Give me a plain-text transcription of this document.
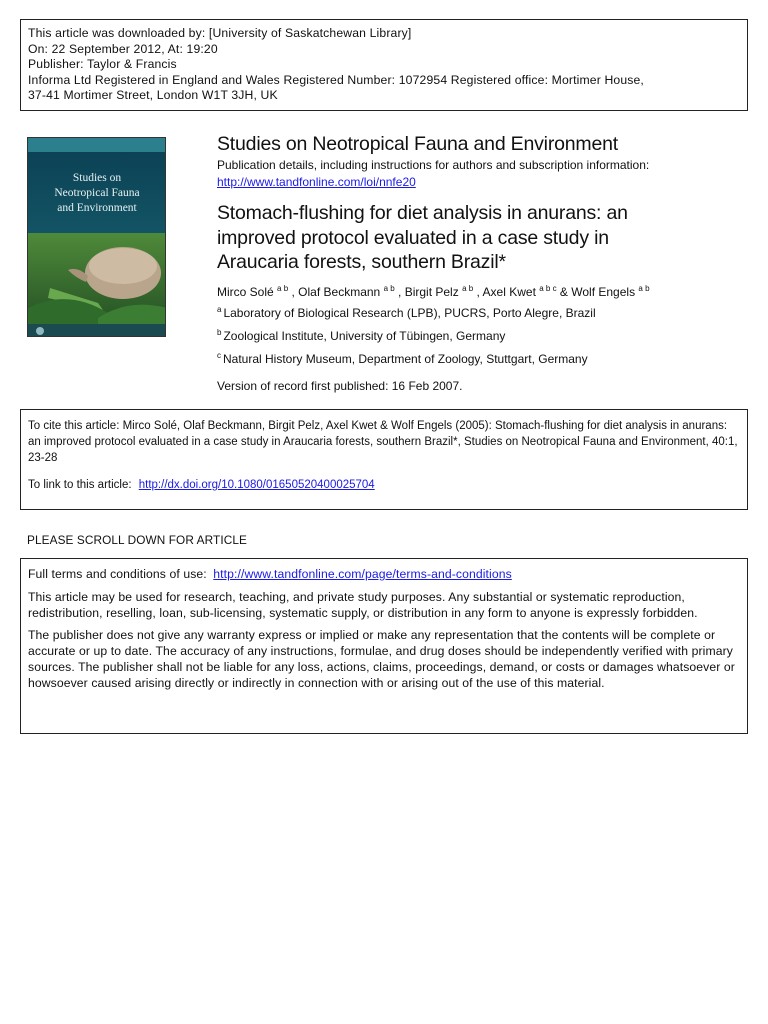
This article was downloaded by: [University of Saskatchewan Library]
On: 22 September 2012, At: 19:20
Publisher: Taylor & Francis
Informa Ltd Registered in England and Wales Registered Number: 1072954 Registered office: Mortimer House,
37-41 Mortimer Street, London W1T 3JH, UK
Studies on
Neotropical Fauna
and Environment
Studies on Neotropical Fauna and Environment
Publication details, including instructions for authors and subscription information:
http://www.tandfonline.com/loi/nnfe20
Stomach-flushing for diet analysis in anurans: an
improved protocol evaluated in a case study in
Araucaria forests, southern Brazil*
Mirco Solé $^{a b}$ , Olaf Beckmann $^{a b}$ , Birgit Pelz $^{a b}$ , Axel Kwet $^{a b c}$ & Wolf Engels $^{a b}$
$^a$ Laboratory of Biological Research (LPB), PUCRS, Porto Alegre, Brazil
$^b$ Zoological Institute, University of Tübingen, Germany
$^c$ Natural History Museum, Department of Zoology, Stuttgart, Germany
Version of record first published: 16 Feb 2007.
To cite this article: Mirco Solé, Olaf Beckmann, Birgit Pelz, Axel Kwet & Wolf Engels (2005): Stomach-flushing for diet analysis in anurans: an improved protocol evaluated in a case study in Araucaria forests, southern Brazil*, Studies on Neotropical Fauna and Environment, 40:1, 23-28
To link to this article: http://dx.doi.org/10.1080/01650520400025704
PLEASE SCROLL DOWN FOR ARTICLE

Full terms and conditions of use: http://www.tandfonline.com/page/terms-and-conditions

This article may be used for research, teaching, and private study purposes. Any substantial or systematic reproduction, redistribution, reselling, loan, sub-licensing, systematic supply, or distribution in any form to anyone is expressly forbidden.

The publisher does not give any warranty express or implied or make any representation that the contents will be complete or accurate or up to date. The accuracy of any instructions, formulae, and drug doses should be independently verified with primary sources. The publisher shall not be liable for any loss, actions, claims, proceedings, demand, or costs or damages whatsoever or howsoever caused arising directly or indirectly in connection with or arising out of the use of this material.
